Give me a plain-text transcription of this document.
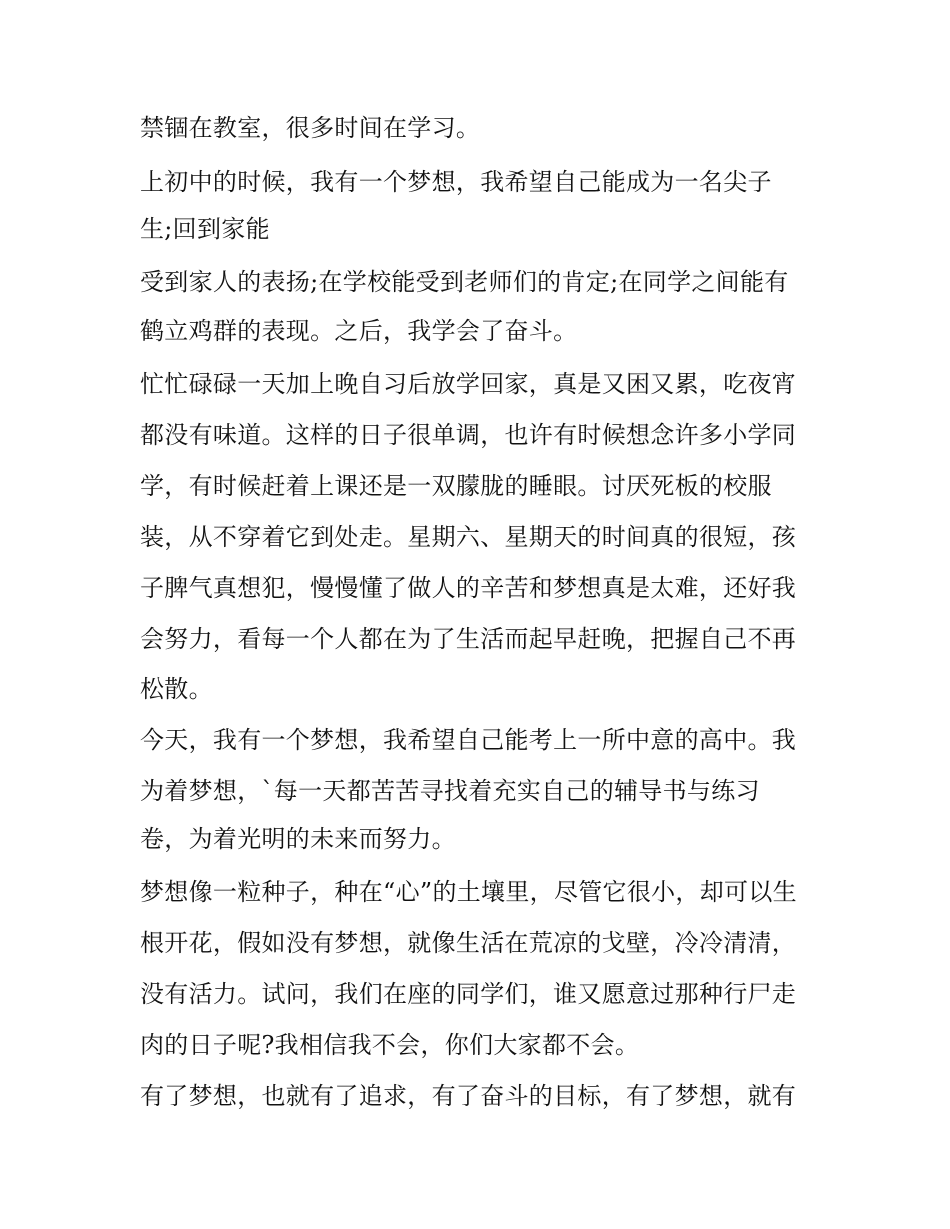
禁锢在教室，很多时间在学习。

上初中的时候，我有一个梦想，我希望自己能成为一名尖子

生;回到家能

受到家人的表扬;在学校能受到老师们的肯定;在同学之间能有

鹤立鸡群的表现。之后，我学会了奋斗。

忙忙碌碌一天加上晚自习后放学回家，真是又困又累，吃夜宵

都没有味道。这样的日子很单调，也许有时候想念许多小学同

学，有时候赶着上课还是一双朦胧的睡眼。讨厌死板的校服

装，从不穿着它到处走。星期六、星期天的时间真的很短，孩

子脾气真想犯，慢慢懂了做人的辛苦和梦想真是太难，还好我

会努力，看每一个人都在为了生活而起早赶晚，把握自己不再

松散。

今天，我有一个梦想，我希望自己能考上一所中意的高中。我

为着梦想，`每一天都苦苦寻找着充实自己的辅导书与练习

卷，为着光明的未来而努力。

梦想像一粒种子，种在“心”的土壤里，尽管它很小，却可以生

根开花，假如没有梦想，就像生活在荒凉的戈壁，冷冷清清，

没有活力。试问，我们在座的同学们，谁又愿意过那种行尸走

肉的日子呢?我相信我不会，你们大家都不会。

有了梦想，也就有了追求，有了奋斗的目标，有了梦想，就有
